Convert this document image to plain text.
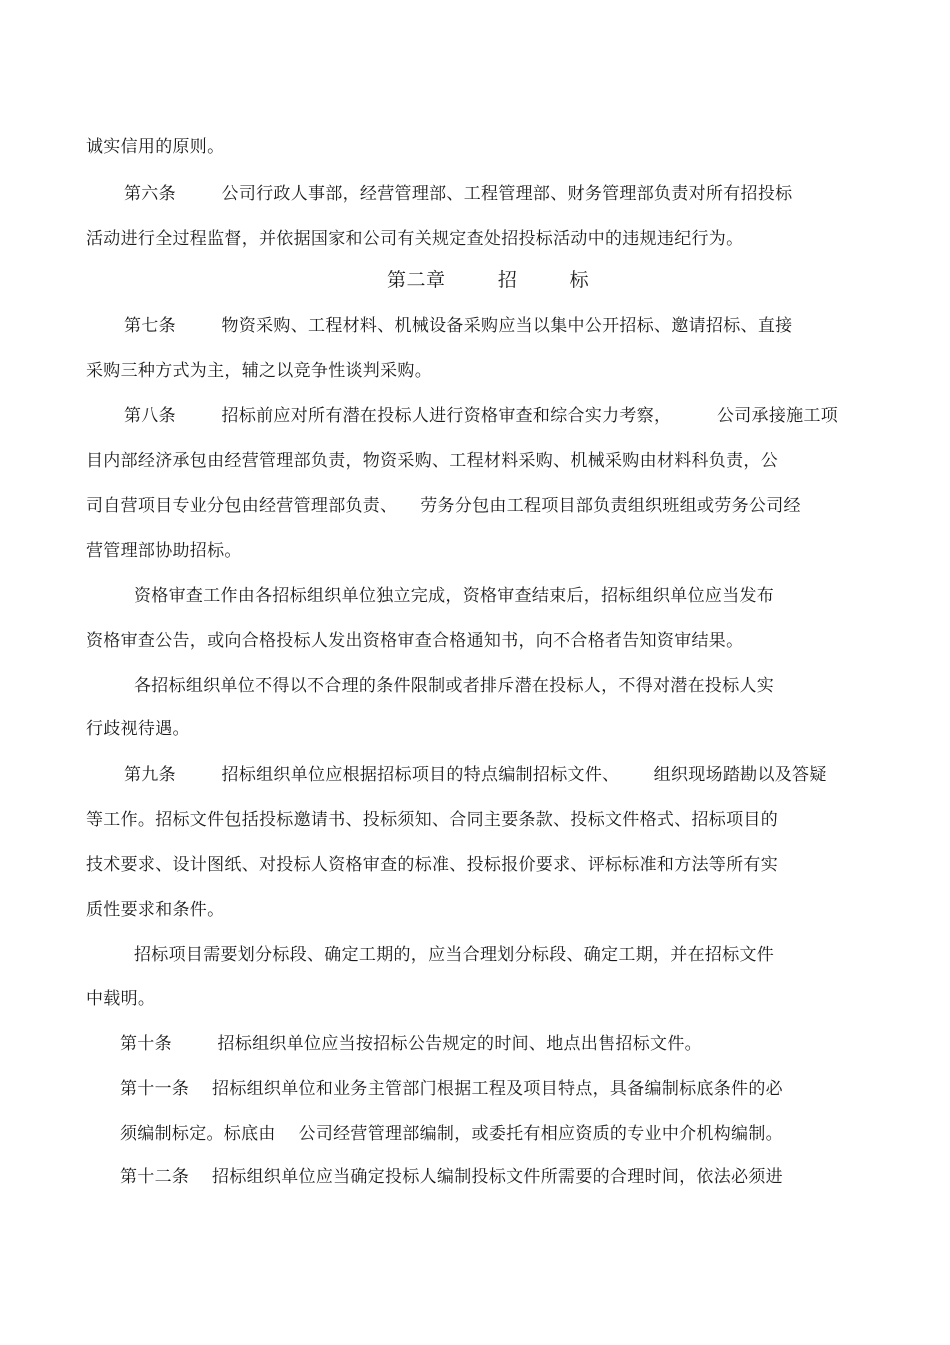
诚实信用的原则。
第六条        公司行政人事部，经营管理部、工程管理部、财务管理部负责对所有招投标
活动进行全过程监督，并依据国家和公司有关规定查处招投标活动中的违规违纪行为。
第二章        招        标
第七条        物资采购、工程材料、机械设备采购应当以集中公开招标、邀请招标、直接
采购三种方式为主，辅之以竞争性谈判采购。
第八条        招标前应对所有潜在投标人进行资格审查和综合实力考察，        公司承接施工项
目内部经济承包由经营管理部负责，物资采购、工程材料采购、机械采购由材料科负责，公
司自营项目专业分包由经营管理部负责、    劳务分包由工程项目部负责组织班组或劳务公司经
营管理部协助招标。
资格审查工作由各招标组织单位独立完成，资格审查结束后，招标组织单位应当发布
资格审查公告，或向合格投标人发出资格审查合格通知书，向不合格者告知资审结果。
各招标组织单位不得以不合理的条件限制或者排斥潜在投标人，不得对潜在投标人实
行歧视待遇。
第九条        招标组织单位应根据招标项目的特点编制招标文件、      组织现场踏勘以及答疑
等工作。招标文件包括投标邀请书、投标须知、合同主要条款、投标文件格式、招标项目的
技术要求、设计图纸、对投标人资格审查的标准、投标报价要求、评标标准和方法等所有实
质性要求和条件。
招标项目需要划分标段、确定工期的，应当合理划分标段、确定工期，并在招标文件
中载明。
第十条        招标组织单位应当按招标公告规定的时间、地点出售招标文件。
第十一条    招标组织单位和业务主管部门根据工程及项目特点，具备编制标底条件的必
须编制标定。标底由    公司经营管理部编制，或委托有相应资质的专业中介机构编制。
第十二条    招标组织单位应当确定投标人编制投标文件所需要的合理时间，依法必须进
